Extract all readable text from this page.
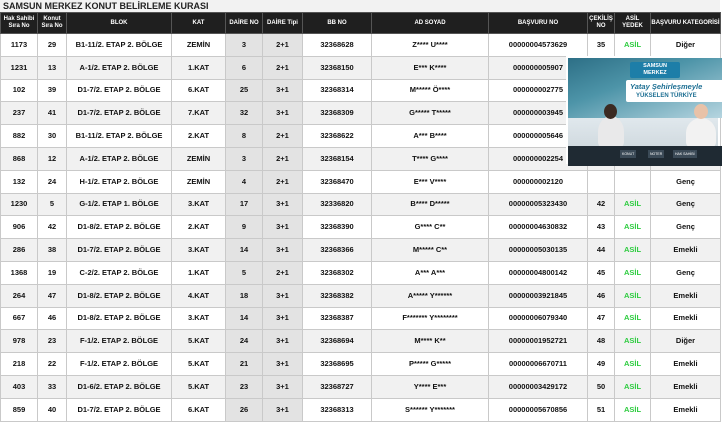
SAMSUN MERKEZ KONUT BELİRLEME KURASI
Hak Sahibi Sıra No	Konut Sıra No	BLOK	KAT	DAİRE NO	DAİRE Tipi	BB NO	AD SOYAD	BAŞVURU NO	ÇEKİLİŞ NO	ASİL YEDEK	BAŞVURU KATEGORİSİ
1173	29	B1-11/2. ETAP 2. BÖLGE	ZEMİN	3	2+1	32368628	Z**** U****	00000004573629	35	ASİL	Diğer
1231	13	A-1/2. ETAP 2. BÖLGE	1.KAT	6	2+1	32368150	E*** K****	000000005907			
102	39	D1-7/2. ETAP 2. BÖLGE	6.KAT	25	3+1	32368314	M***** Ö****	000000002775			
237	41	D1-7/2. ETAP 2. BÖLGE	7.KAT	32	3+1	32368309	G***** T*****	000000003945			
882	30	B1-11/2. ETAP 2. BÖLGE	2.KAT	8	2+1	32368622	A*** B****	000000005646			
868	12	A-1/2. ETAP 2. BÖLGE	ZEMİN	3	2+1	32368154	T**** G****	000000002254			
132	24	H-1/2. ETAP 2. BÖLGE	ZEMİN	4	2+1	32368470	E*** V****	000000002120			Genç
1230	5	G-1/2. ETAP 1. BÖLGE	3.KAT	17	3+1	32336820	B**** D*****	00000005323430	42	ASİL	Genç
906	42	D1-8/2. ETAP 2. BÖLGE	2.KAT	9	3+1	32368390	G**** C**	00000004630832	43	ASİL	Genç
286	38	D1-7/2. ETAP 2. BÖLGE	3.KAT	14	3+1	32368366	M***** C**	00000005030135	44	ASİL	Emekli
1368	19	C-2/2. ETAP 2. BÖLGE	1.KAT	5	2+1	32368302	A*** A***	00000004800142	45	ASİL	Genç
264	47	D1-8/2. ETAP 2. BÖLGE	4.KAT	18	3+1	32368382	A***** Y******	00000003921845	46	ASİL	Emekli
667	46	D1-8/2. ETAP 2. BÖLGE	3.KAT	14	3+1	32368387	F******* Y********	00000006079340	47	ASİL	Emekli
978	23	F-1/2. ETAP 2. BÖLGE	5.KAT	24	3+1	32368694	M**** K**	00000001952721	48	ASİL	Diğer
218	22	F-1/2. ETAP 2. BÖLGE	5.KAT	21	3+1	32368695	P***** G*****	00000006670711	49	ASİL	Emekli
403	33	D1-6/2. ETAP 2. BÖLGE	5.KAT	23	3+1	32368727	Y**** E***	00000003429172	50	ASİL	Emekli
859	40	D1-7/2. ETAP 2. BÖLGE	6.KAT	26	3+1	32368313	S****** Y*******	00000005670856	51	ASİL	Emekli
SAMSUN
MERKEZ
Yatay Şehirleşmeyle
YÜKSELEN TÜRKİYE
KONUT	NOTER	HAK SAHİBİ
